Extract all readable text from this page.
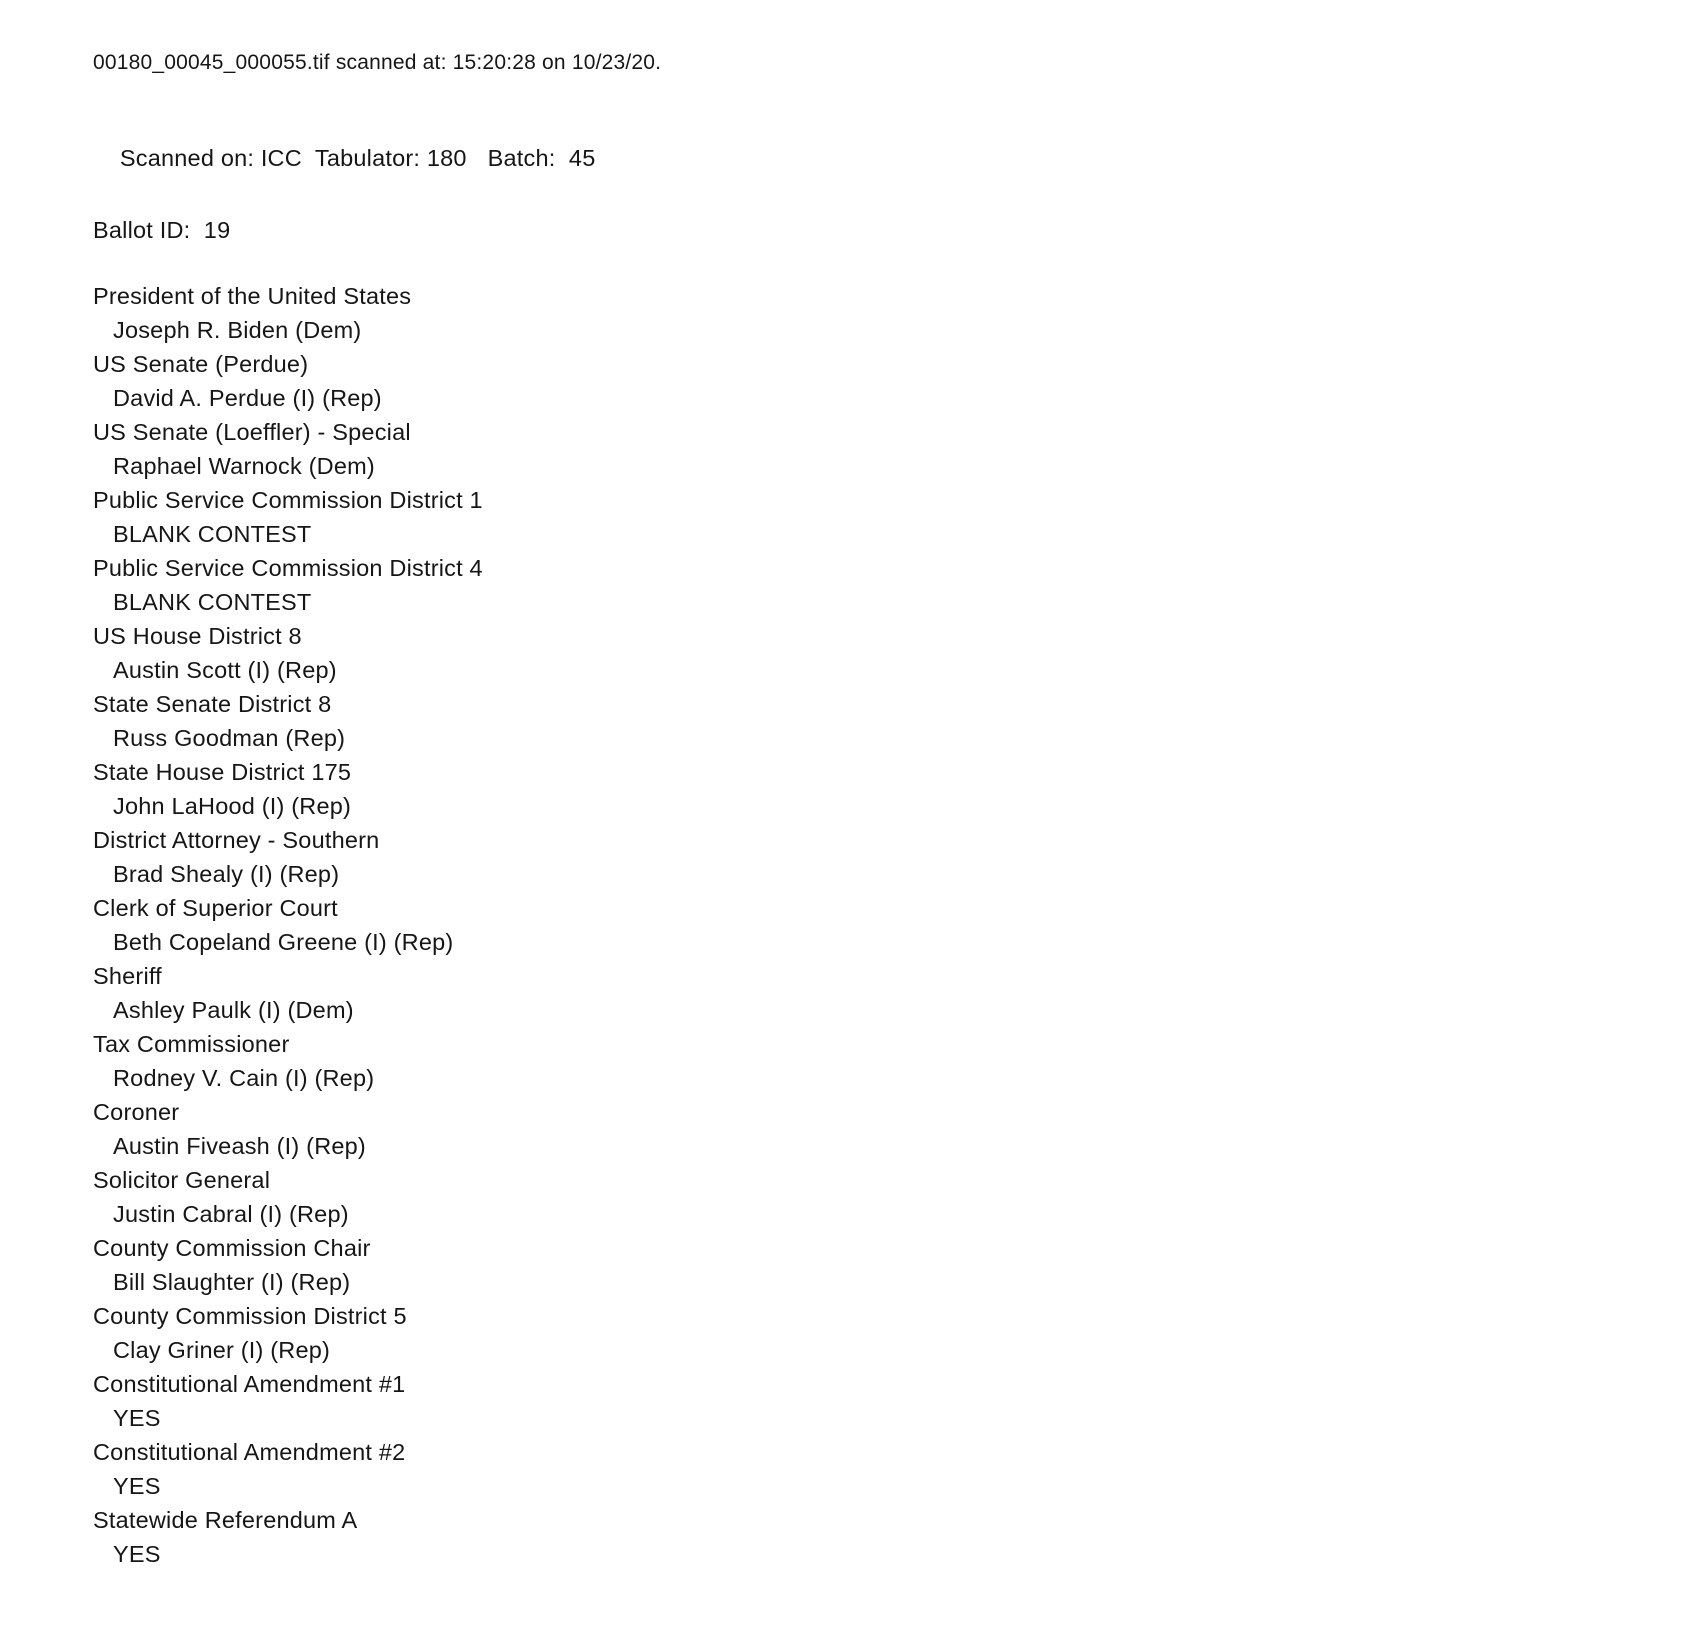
00180_00045_000055.tif scanned at: 15:20:28 on 10/23/20.

Scanned on: ICC Tabulator: 180 Batch:  45

Ballot ID:  19
President of the United States
Joseph R. Biden (Dem)
US Senate (Perdue)
David A. Perdue (I) (Rep)
US Senate (Loeffler) - Special
Raphael Warnock (Dem)
Public Service Commission District 1
BLANK CONTEST
Public Service Commission District 4
BLANK CONTEST
US House District 8
Austin Scott (I) (Rep)
State Senate District 8
Russ Goodman (Rep)
State House District 175
John LaHood (I) (Rep)
District Attorney - Southern
Brad Shealy (I) (Rep)
Clerk of Superior Court
Beth Copeland Greene (I) (Rep)
Sheriff
Ashley Paulk (I) (Dem)
Tax Commissioner
Rodney V. Cain (I) (Rep)
Coroner
Austin Fiveash (I) (Rep)
Solicitor General
Justin Cabral (I) (Rep)
County Commission Chair
Bill Slaughter (I) (Rep)
County Commission District 5
Clay Griner (I) (Rep)
Constitutional Amendment #1
YES
Constitutional Amendment #2
YES
Statewide Referendum A
YES
